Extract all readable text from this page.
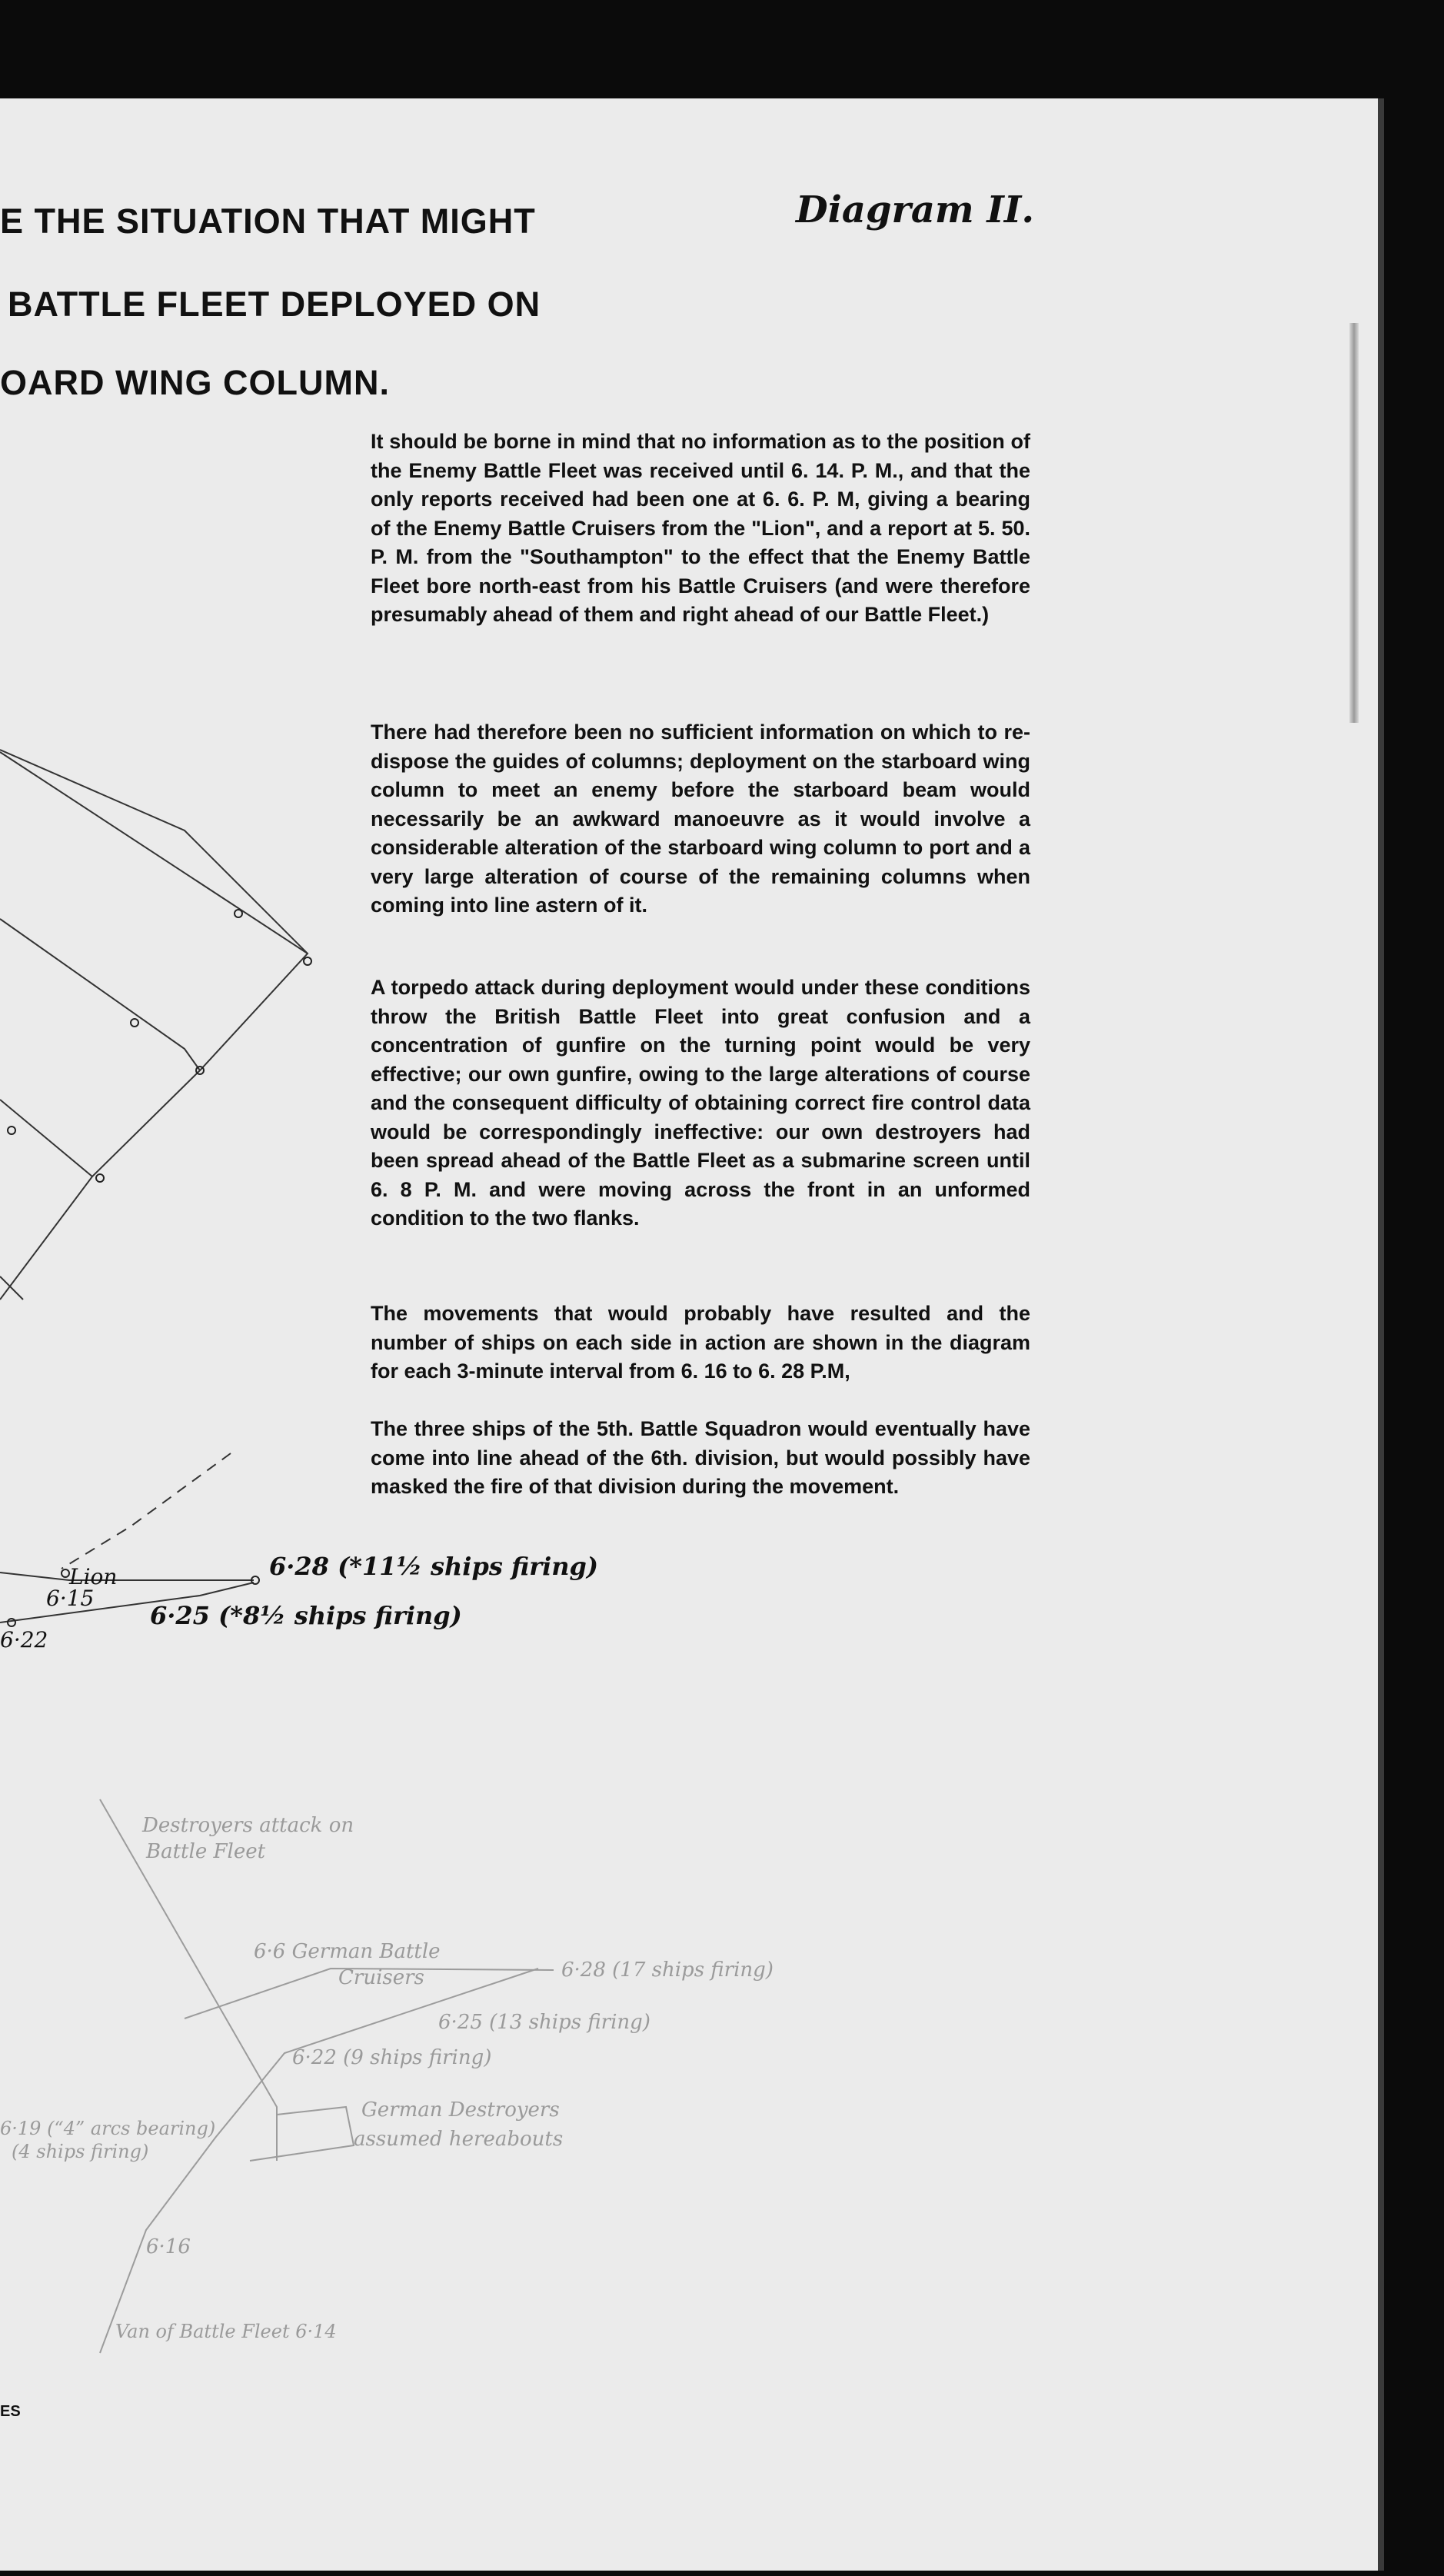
E THE SITUATION THAT MIGHT
BATTLE FLEET DEPLOYED ON
OARD WING COLUMN.
Diagram II.

It should be borne in mind that no information as to the position of the Enemy Battle Fleet was received until 6. 14. P. M., and that the only reports received had been one at 6. 6. P. M, giving a bearing of the Enemy Battle Cruisers from the "Lion", and a report at 5. 50. P. M. from the "Southampton" to the effect that the Enemy Battle Fleet bore north-east from his Battle Cruisers (and were therefore presumably ahead of them and right ahead of our Battle Fleet.)

There had therefore been no sufficient information on which to re-dispose the guides of columns; deployment on the starboard wing column to meet an enemy before the starboard beam would necessarily be an awkward manoeuvre as it would involve a considerable alteration of the starboard wing column to port and a very large alteration of course of the remaining columns when coming into line astern of it.

A torpedo attack during deployment would under these conditions throw the British Battle Fleet into great confusion and a concentration of gunfire on the turning point would be very effective; our own gunfire, owing to the large alterations of course and the consequent difficulty of obtaining correct fire control data would be correspondingly ineffective: our own destroyers had been spread ahead of the Battle Fleet as a submarine screen until 6. 8 P. M. and were moving across the front in an unformed condition to the two flanks.

The movements that would probably have resulted and the number of ships on each side in action are shown in the diagram for each 3-minute interval from 6. 16 to 6. 28 P.M,

The three ships of the 5th. Battle Squadron would eventually have come into line ahead of the 6th. division, but would possibly have masked the fire of that division during the movement.

Lion
6·15
6·22
6·25 (*8½ ships firing)
6·28 (*11½ ships firing)
Destroyers attack on
Battle Fleet
6·6 German Battle
Cruisers	6·28 (17 ships firing)
6·25 (13 ships firing)
6·22 (9 ships firing)
6·19 (“4” arcs bearing)
(4 ships firing)
German Destroyers
assumed hereabouts
6·16
Van of Battle Fleet 6·14
ES
